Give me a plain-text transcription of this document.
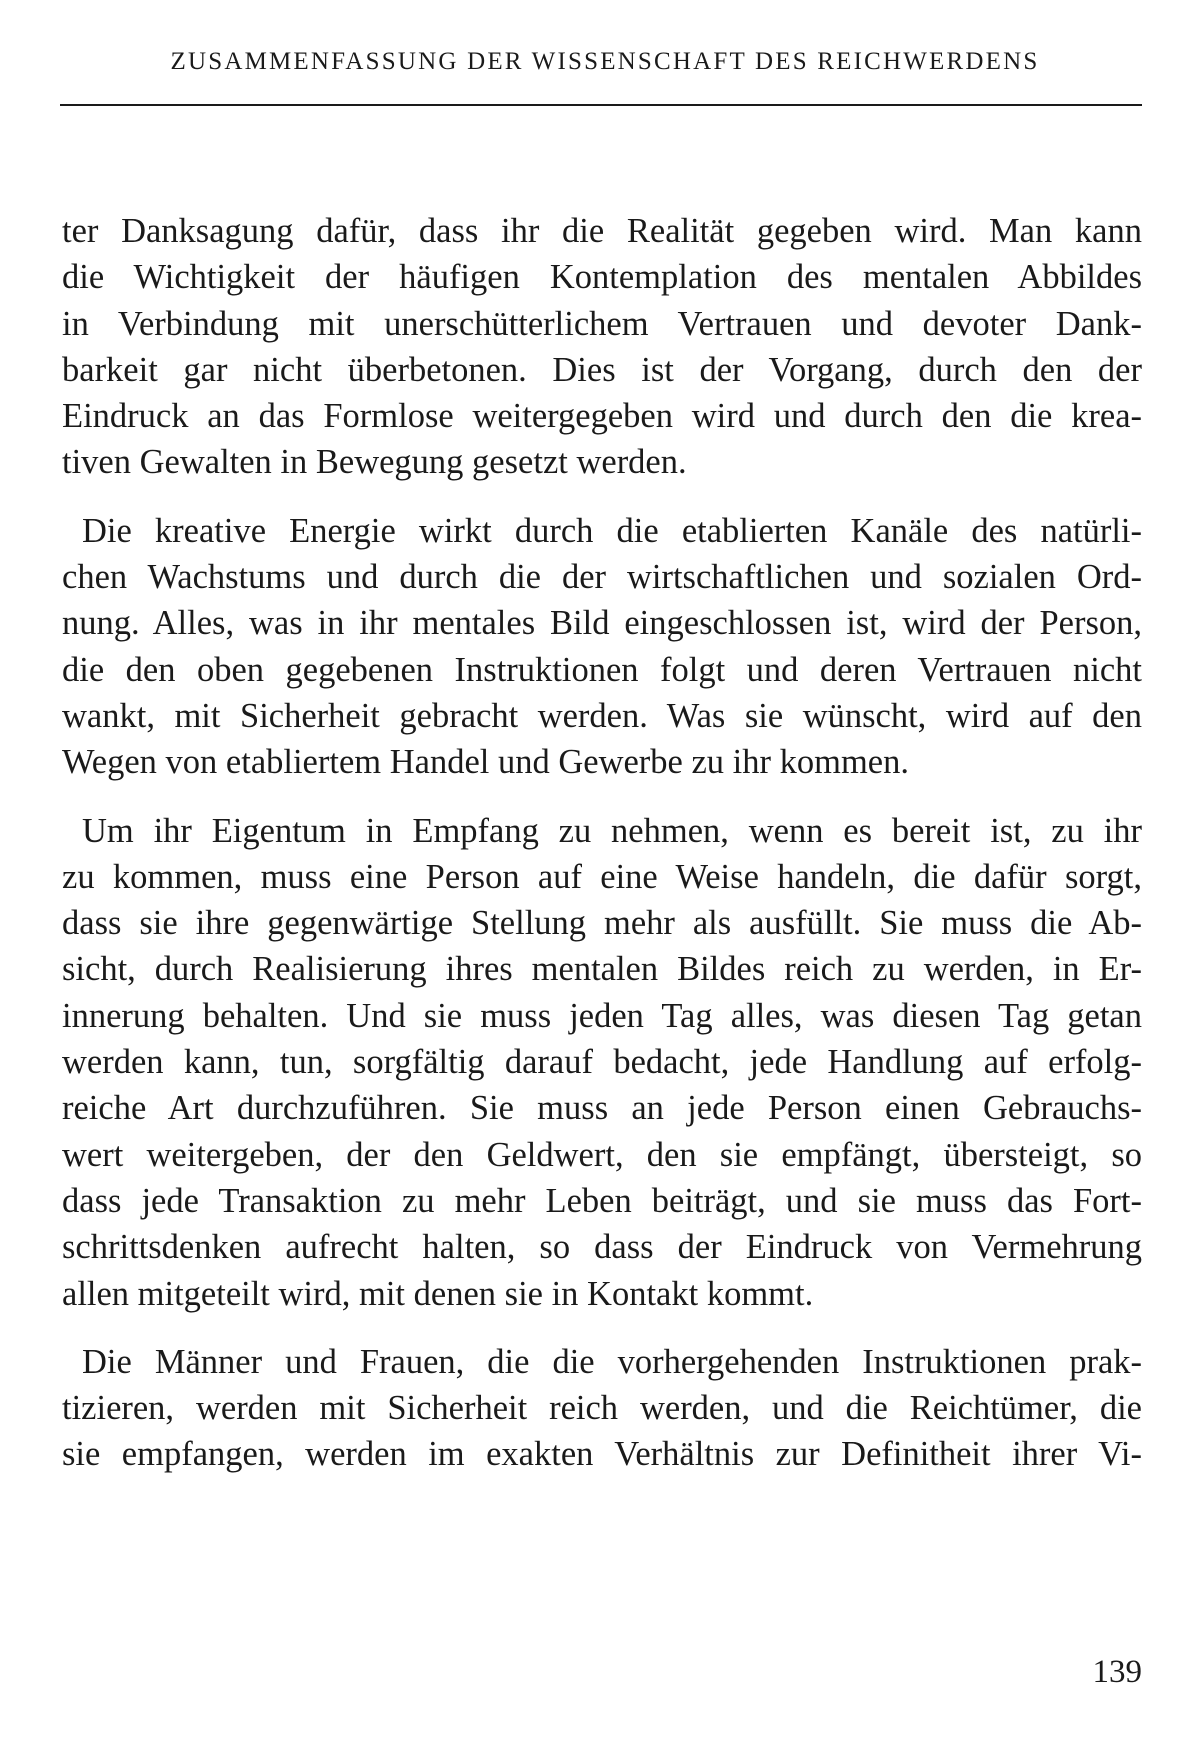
ZUSAMMENFASSUNG DER WISSENSCHAFT DES REICHWERDENS
ter Danksagung dafür, dass ihr die Realität gegeben wird. Man kann
die Wichtigkeit der häufigen Kontemplation des mentalen Abbildes
in Verbindung mit unerschütterlichem Vertrauen und devoter Dank-
barkeit gar nicht überbetonen. Dies ist der Vorgang, durch den der
Eindruck an das Formlose weitergegeben wird und durch den die krea-
tiven Gewalten in Bewegung gesetzt werden.
Die kreative Energie wirkt durch die etablierten Kanäle des natürli-
chen Wachstums und durch die der wirtschaftlichen und sozialen Ord-
nung. Alles, was in ihr mentales Bild eingeschlossen ist, wird der Person,
die den oben gegebenen Instruktionen folgt und deren Vertrauen nicht
wankt, mit Sicherheit gebracht werden. Was sie wünscht, wird auf den
Wegen von etabliertem Handel und Gewerbe zu ihr kommen.
Um ihr Eigentum in Empfang zu nehmen, wenn es bereit ist, zu ihr
zu kommen, muss eine Person auf eine Weise handeln, die dafür sorgt,
dass sie ihre gegenwärtige Stellung mehr als ausfüllt. Sie muss die Ab-
sicht, durch Realisierung ihres mentalen Bildes reich zu werden, in Er-
innerung behalten. Und sie muss jeden Tag alles, was diesen Tag getan
werden kann, tun, sorgfältig darauf bedacht, jede Handlung auf erfolg-
reiche Art durchzuführen. Sie muss an jede Person einen Gebrauchs-
wert weitergeben, der den Geldwert, den sie empfängt, übersteigt, so
dass jede Transaktion zu mehr Leben beiträgt, und sie muss das Fort-
schrittsdenken aufrecht halten, so dass der Eindruck von Vermehrung
allen mitgeteilt wird, mit denen sie in Kontakt kommt.
Die Männer und Frauen, die die vorhergehenden Instruktionen prak-
tizieren, werden mit Sicherheit reich werden, und die Reichtümer, die
sie empfangen, werden im exakten Verhältnis zur Definitheit ihrer Vi-
139
